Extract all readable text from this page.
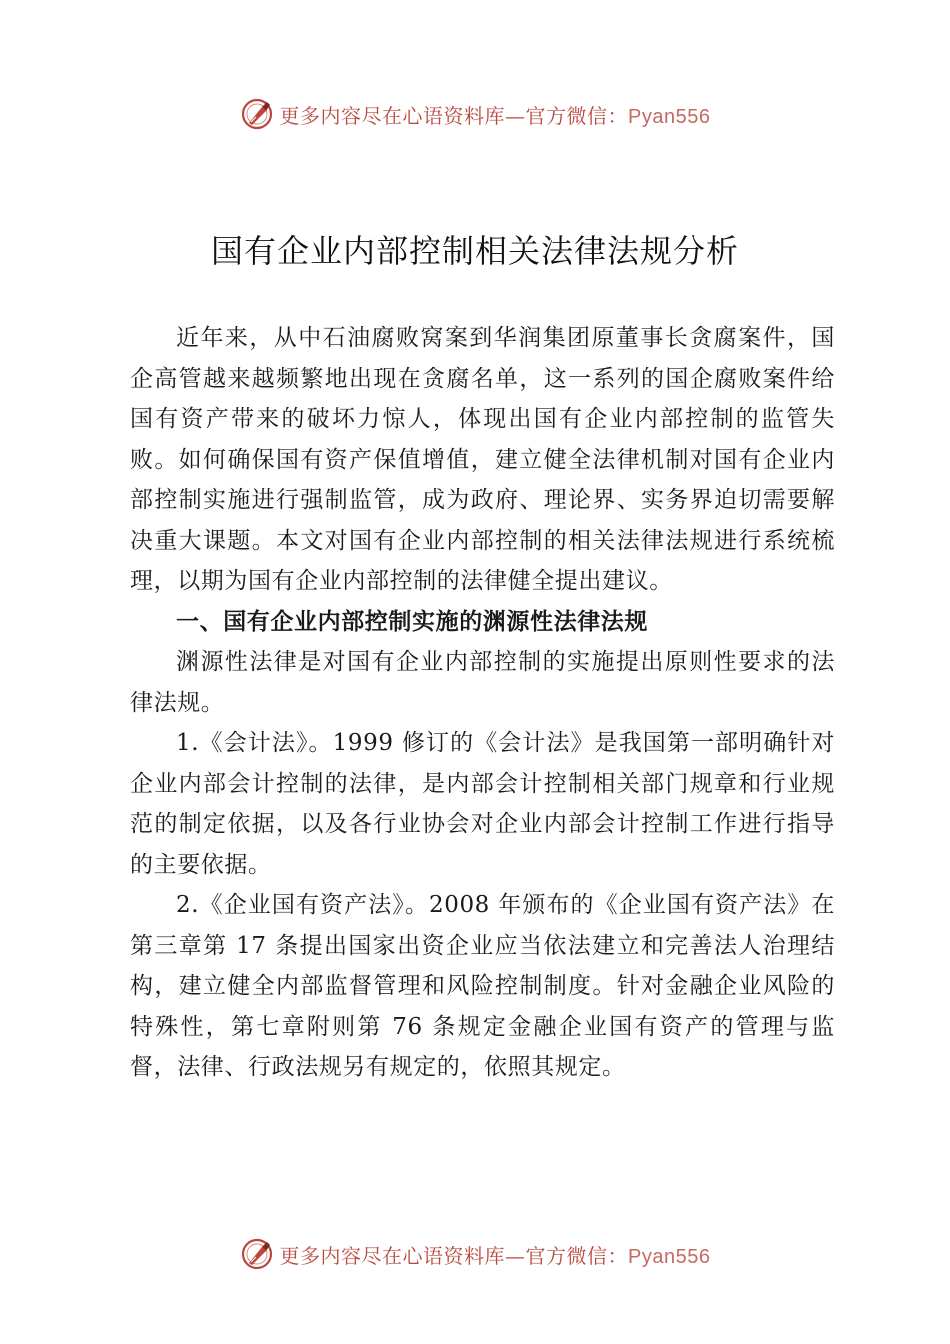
更多内容尽在心语资料库—官方微信：Pyan556
国有企业内部控制相关法律法规分析

近年来，从中石油腐败窝案到华润集团原董事长贪腐案件，国企高管越来越频繁地出现在贪腐名单，这一系列的国企腐败案件给国有资产带来的破坏力惊人，体现出国有企业内部控制的监管失败。如何确保国有资产保值增值，建立健全法律机制对国有企业内部控制实施进行强制监管，成为政府、理论界、实务界迫切需要解决重大课题。本文对国有企业内部控制的相关法律法规进行系统梳理，以期为国有企业内部控制的法律健全提出建议。

一、国有企业内部控制实施的渊源性法律法规

渊源性法律是对国有企业内部控制的实施提出原则性要求的法律法规。

1.《会计法》。1999 修订的《会计法》是我国第一部明确针对企业内部会计控制的法律，是内部会计控制相关部门规章和行业规范的制定依据，以及各行业协会对企业内部会计控制工作进行指导的主要依据。

2.《企业国有资产法》。2008 年颁布的《企业国有资产法》在第三章第 17 条提出国家出资企业应当依法建立和完善法人治理结构，建立健全内部监督管理和风险控制制度。针对金融企业风险的特殊性，第七章附则第 76 条规定金融企业国有资产的管理与监督，法律、行政法规另有规定的，依照其规定。

更多内容尽在心语资料库—官方微信：Pyan556
